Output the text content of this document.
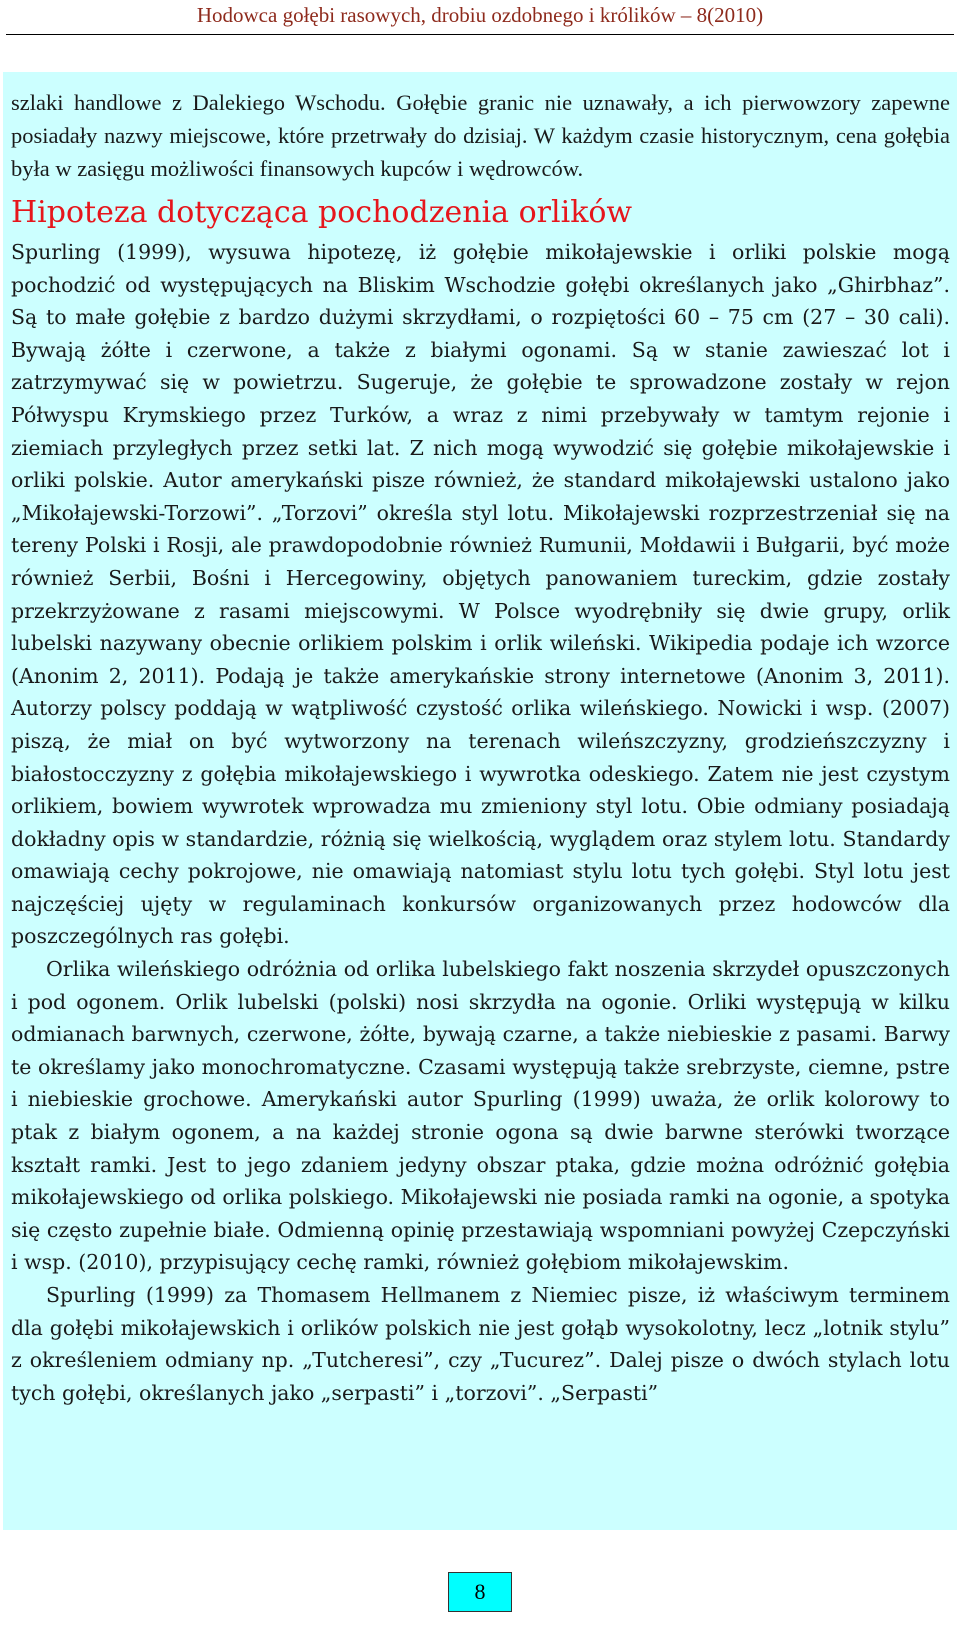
Hodowca gołębi rasowych, drobiu ozdobnego i królików – 8(2010)

szlaki handlowe z Dalekiego Wschodu. Gołębie granic nie uznawały, a ich pierwowzory zapewne posiadały nazwy miejscowe, które przetrwały do dzisiaj. W każdym czasie historycznym, cena gołębia była w zasięgu możliwości finansowych kupców i wędrowców.

Hipoteza dotycząca pochodzenia orlików

Spurling (1999), wysuwa hipotezę, iż gołębie mikołajewskie i orliki polskie mogą pochodzić od występujących na Bliskim Wschodzie gołębi określanych jako „Ghirbhaz”. Są to małe gołębie z bardzo dużymi skrzydłami, o rozpiętości 60 – 75 cm (27 – 30 cali). Bywają żółte i czerwone, a także z białymi ogonami. Są w stanie zawieszać lot i zatrzymywać się w powietrzu. Sugeruje, że gołębie te sprowadzone zostały w rejon Półwyspu Krymskiego przez Turków, a wraz z nimi przebywały w tamtym rejonie i ziemiach przyległych przez setki lat. Z nich mogą wywodzić się gołębie mikołajewskie i orliki polskie. Autor amerykański pisze również, że standard mikołajewski ustalono jako „Mikołajewski-Torzowi”. „Torzovi” określa styl lotu. Mikołajewski rozprzestrzeniał się na tereny Polski i Rosji, ale prawdopodobnie również Rumunii, Mołdawii i Bułgarii, być może również Serbii, Bośni i Hercegowiny, objętych panowaniem tureckim, gdzie zostały przekrzyżowane z rasami miejscowymi. W Polsce wyodrębniły się dwie grupy, orlik lubelski nazywany obecnie orlikiem polskim i orlik wileński. Wikipedia podaje ich wzorce (Anonim 2, 2011). Podają je także amerykańskie strony internetowe (Anonim 3, 2011). Autorzy polscy poddają w wątpliwość czystość orlika wileńskiego. Nowicki i wsp. (2007) piszą, że miał on być wytworzony na terenach wileńszczyzny, grodzieńszczyzny i białostocczyzny z gołębia mikołajewskiego i wywrotka odeskiego. Zatem nie jest czystym orlikiem, bowiem wywrotek wprowadza mu zmieniony styl lotu. Obie odmiany posiadają dokładny opis w standardzie, różnią się wielkością, wyglądem oraz stylem lotu. Standardy omawiają cechy pokrojowe, nie omawiają natomiast stylu lotu tych gołębi. Styl lotu jest najczęściej ujęty w regulaminach konkursów organizowanych przez hodowców dla poszczególnych ras gołębi.

Orlika wileńskiego odróżnia od orlika lubelskiego fakt noszenia skrzydeł opuszczonych i pod ogonem. Orlik lubelski (polski) nosi skrzydła na ogonie. Orliki występują w kilku odmianach barwnych, czerwone, żółte, bywają czarne, a także niebieskie z pasami. Barwy te określamy jako monochromatyczne. Czasami występują także srebrzyste, ciemne, pstre i niebieskie grochowe. Amerykański autor Spurling (1999) uważa, że orlik kolorowy to ptak z białym ogonem, a na każdej stronie ogona są dwie barwne sterówki tworzące kształt ramki. Jest to jego zdaniem jedyny obszar ptaka, gdzie można odróżnić gołębia mikołajewskiego od orlika polskiego. Mikołajewski nie posiada ramki na ogonie, a spotyka się często zupełnie białe. Odmienną opinię przestawiają wspomniani powyżej Czepczyński i wsp. (2010), przypisujący cechę ramki, również gołębiom mikołajewskim.

Spurling (1999) za Thomasem Hellmanem z Niemiec pisze, iż właściwym terminem dla gołębi mikołajewskich i orlików polskich nie jest gołąb wysokolotny, lecz „lotnik stylu” z określeniem odmiany np. „Tutcheresi”, czy „Tucurez”. Dalej pisze o dwóch stylach lotu tych gołębi, określanych jako „serpasti” i „torzovi”. „Serpasti”

8
